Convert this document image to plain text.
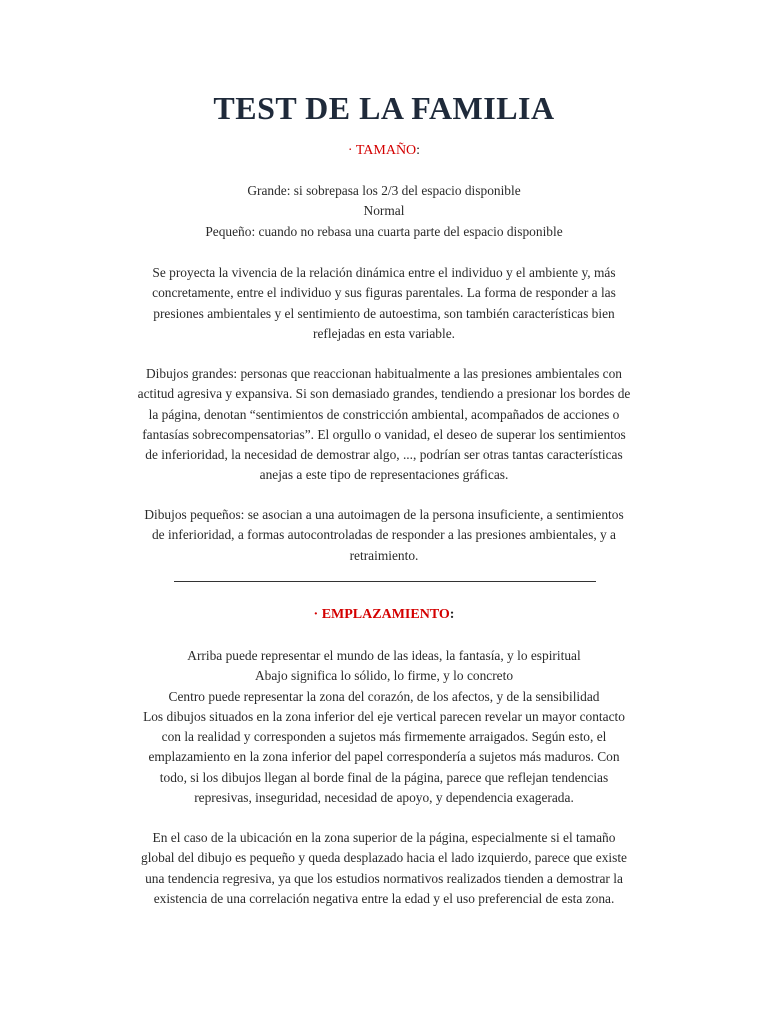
TEST DE LA FAMILIA
· TAMAÑO:
Grande: si sobrepasa los 2/3 del espacio disponible
Normal
Pequeño: cuando no rebasa una cuarta parte del espacio disponible
Se proyecta la vivencia de la relación dinámica entre el individuo y el ambiente y, más
concretamente, entre el individuo y sus figuras parentales. La forma de responder a las
presiones ambientales y el sentimiento de autoestima, son también características bien
reflejadas en esta variable.
Dibujos grandes: personas que reaccionan habitualmente a las presiones ambientales con
actitud agresiva y expansiva. Si son demasiado grandes, tendiendo a presionar los bordes de
la página, denotan “sentimientos de constricción ambiental, acompañados de acciones o
fantasías sobrecompensatorias”. El orgullo o vanidad, el deseo de superar los sentimientos
de inferioridad, la necesidad de demostrar algo, ..., podrían ser otras tantas características
anejas a este tipo de representaciones gráficas.
Dibujos pequeños: se asocian a una autoimagen de la persona insuficiente, a sentimientos
de inferioridad, a formas autocontroladas de responder a las presiones ambientales, y a
retraimiento.
· EMPLAZAMIENTO:
Arriba puede representar el mundo de las ideas, la fantasía, y lo espiritual
Abajo significa lo sólido, lo firme, y lo concreto
Centro puede representar la zona del corazón, de los afectos, y de la sensibilidad
Los dibujos situados en la zona inferior del eje vertical parecen revelar un mayor contacto
con la realidad y corresponden a sujetos más firmemente arraigados. Según esto, el
emplazamiento en la zona inferior del papel correspondería a sujetos más maduros. Con
todo, si los dibujos llegan al borde final de la página, parece que reflejan tendencias
represivas, inseguridad, necesidad de apoyo, y dependencia exagerada.
En el caso de la ubicación en la zona superior de la página, especialmente si el tamaño
global del dibujo es pequeño y queda desplazado hacia el lado izquierdo, parece que existe
una tendencia regresiva, ya que los estudios normativos realizados tienden a demostrar la
existencia de una correlación negativa entre la edad y el uso preferencial de esta zona.
